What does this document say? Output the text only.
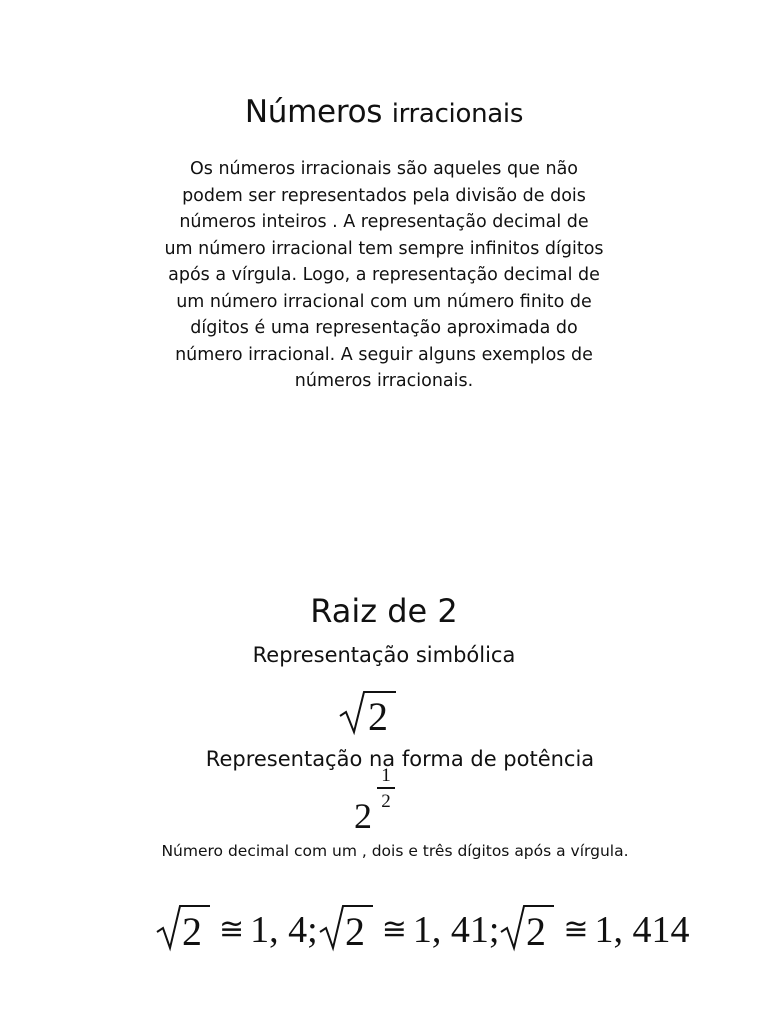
Números irracionais
Os números irracionais são aqueles que não
podem ser representados pela divisão de dois
números inteiros . A representação decimal de
um número irracional tem sempre infinitos dígitos
após a vírgula. Logo, a representação decimal de
um número irracional com um número finito de
dígitos é uma representação aproximada do
número irracional. A seguir alguns exemplos de
números irracionais.
Raiz de 2
Representação simbólica
2
Representação na forma de potência
2
1
2
Número decimal com um , dois e três dígitos após a vírgula.
2 ≅ 1, 4; 2 ≅ 1, 41; 2 ≅ 1, 414
